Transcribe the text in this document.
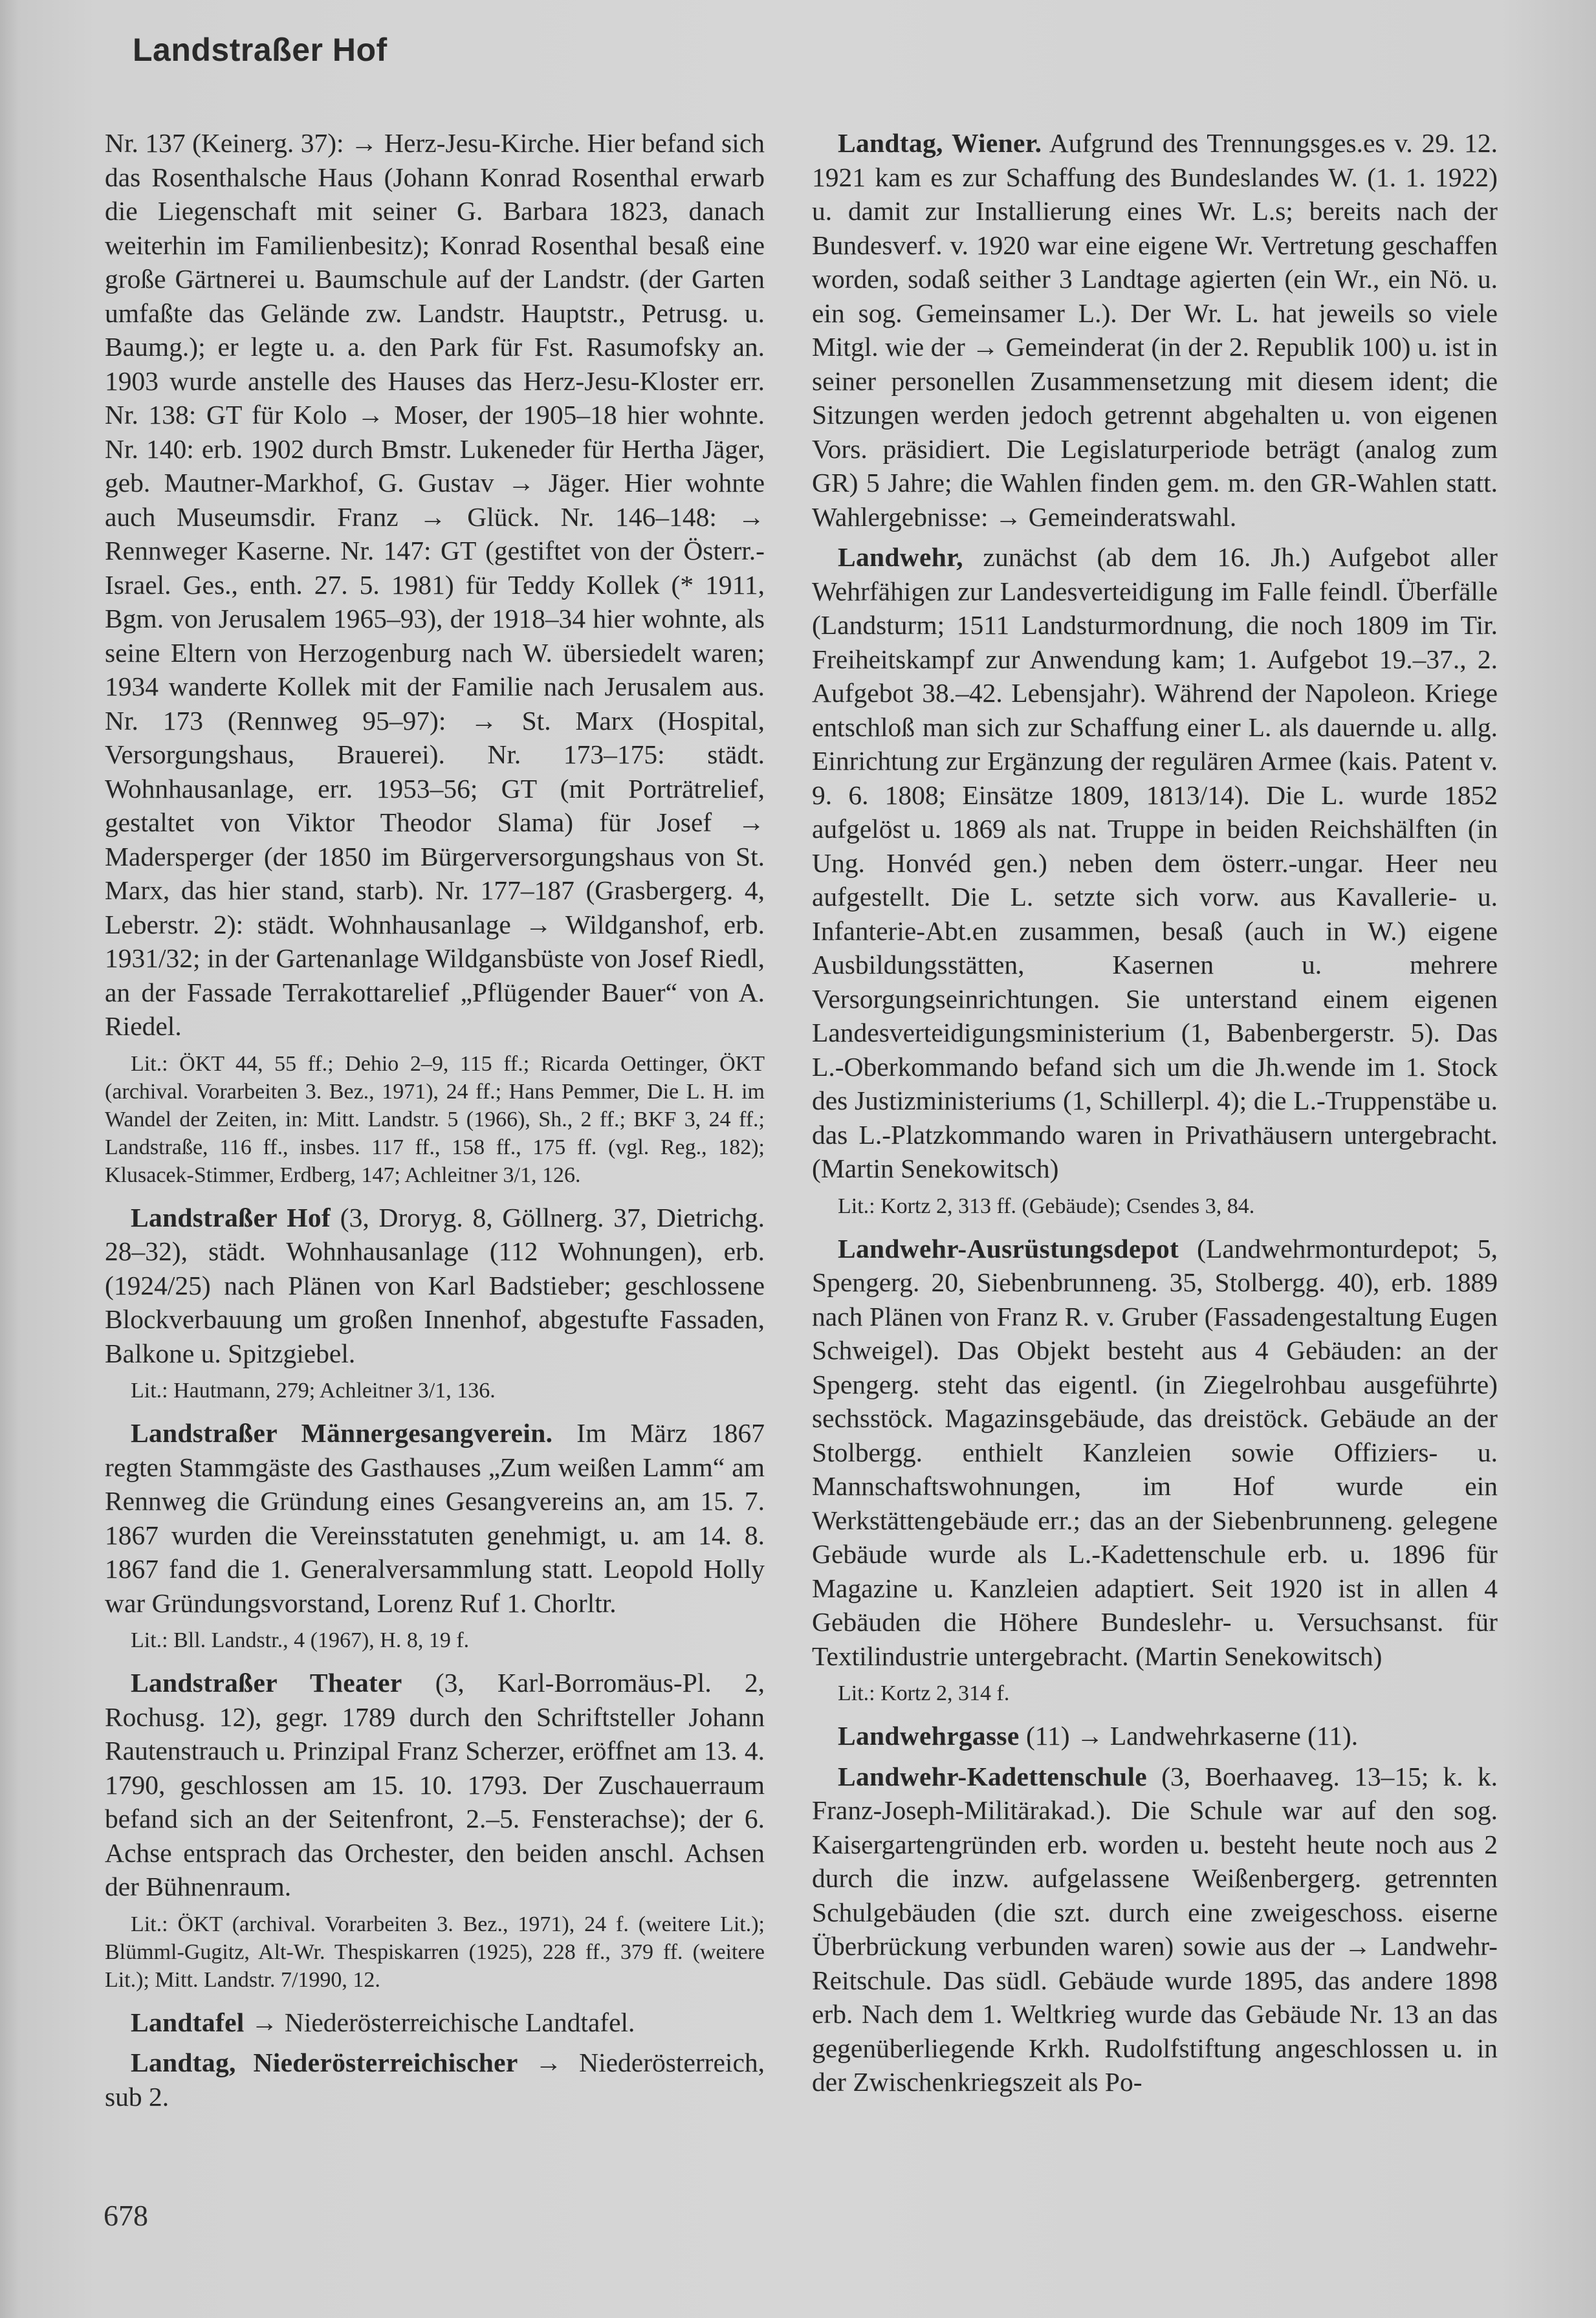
Landstraßer Hof

Nr. 137 (Keinerg. 37): → Herz-Jesu-Kirche. Hier befand sich das Rosenthalsche Haus (Johann Konrad Rosenthal erwarb die Liegenschaft mit seiner G. Barbara 1823, danach weiterhin im Familienbesitz); Konrad Rosenthal besaß eine große Gärtnerei u. Baumschule auf der Landstr. (der Garten umfaßte das Gelände zw. Landstr. Hauptstr., Petrusg. u. Baumg.); er legte u. a. den Park für Fst. Rasumofsky an. 1903 wurde anstelle des Hauses das Herz-Jesu-Kloster err. Nr. 138: GT für Kolo → Moser, der 1905–18 hier wohnte. Nr. 140: erb. 1902 durch Bmstr. Lukeneder für Hertha Jäger, geb. Mautner-Markhof, G. Gustav → Jäger. Hier wohnte auch Museumsdir. Franz → Glück. Nr. 146–148: → Rennweger Kaserne. Nr. 147: GT (gestiftet von der Österr.-Israel. Ges., enth. 27. 5. 1981) für Teddy Kollek (* 1911, Bgm. von Jerusalem 1965–93), der 1918–34 hier wohnte, als seine Eltern von Herzogenburg nach W. übersiedelt waren; 1934 wanderte Kollek mit der Familie nach Jerusalem aus. Nr. 173 (Rennweg 95–97): → St. Marx (Hospital, Versorgungshaus, Brauerei). Nr. 173–175: städt. Wohnhausanlage, err. 1953–56; GT (mit Porträtrelief, gestaltet von Viktor Theodor Slama) für Josef → Madersperger (der 1850 im Bürgerversorgungshaus von St. Marx, das hier stand, starb). Nr. 177–187 (Grasbergerg. 4, Leberstr. 2): städt. Wohnhausanlage → Wildganshof, erb. 1931/32; in der Gartenanlage Wildgansbüste von Josef Riedl, an der Fassade Terrakottarelief „Pflügender Bauer“ von A. Riedel.

Lit.: ÖKT 44, 55 ff.; Dehio 2–9, 115 ff.; Ricarda Oettinger, ÖKT (archival. Vorarbeiten 3. Bez., 1971), 24 ff.; Hans Pemmer, Die L. H. im Wandel der Zeiten, in: Mitt. Landstr. 5 (1966), Sh., 2 ff.; BKF 3, 24 ff.; Landstraße, 116 ff., insbes. 117 ff., 158 ff., 175 ff. (vgl. Reg., 182); Klusacek-Stimmer, Erdberg, 147; Achleitner 3/1, 126.

Landstraßer Hof (3, Droryg. 8, Göllnerg. 37, Dietrichg. 28–32), städt. Wohnhausanlage (112 Wohnungen), erb. (1924/25) nach Plänen von Karl Badstieber; geschlossene Blockverbauung um großen Innenhof, abgestufte Fassaden, Balkone u. Spitzgiebel.

Lit.: Hautmann, 279; Achleitner 3/1, 136.

Landstraßer Männergesangverein. Im März 1867 regten Stammgäste des Gasthauses „Zum weißen Lamm“ am Rennweg die Gründung eines Gesangvereins an, am 15. 7. 1867 wurden die Vereinsstatuten genehmigt, u. am 14. 8. 1867 fand die 1. Generalversammlung statt. Leopold Holly war Gründungsvorstand, Lorenz Ruf 1. Chorltr.

Lit.: Bll. Landstr., 4 (1967), H. 8, 19 f.

Landstraßer Theater (3, Karl-Borromäus-Pl. 2, Rochusg. 12), gegr. 1789 durch den Schriftsteller Johann Rautenstrauch u. Prinzipal Franz Scherzer, eröffnet am 13. 4. 1790, geschlossen am 15. 10. 1793. Der Zuschauerraum befand sich an der Seitenfront, 2.–5. Fensterachse); der 6. Achse entsprach das Orchester, den beiden anschl. Achsen der Bühnenraum.

Lit.: ÖKT (archival. Vorarbeiten 3. Bez., 1971), 24 f. (weitere Lit.); Blümml-Gugitz, Alt-Wr. Thespiskarren (1925), 228 ff., 379 ff. (weitere Lit.); Mitt. Landstr. 7/1990, 12.

Landtafel → Niederösterreichische Landtafel.

Landtag, Niederösterreichischer → Niederösterreich, sub 2.

Landtag, Wiener. Aufgrund des Trennungsges.es v. 29. 12. 1921 kam es zur Schaffung des Bundeslandes W. (1. 1. 1922) u. damit zur Installierung eines Wr. L.s; bereits nach der Bundesverf. v. 1920 war eine eigene Wr. Vertretung geschaffen worden, sodaß seither 3 Landtage agierten (ein Wr., ein Nö. u. ein sog. Gemeinsamer L.). Der Wr. L. hat jeweils so viele Mitgl. wie der → Gemeinderat (in der 2. Republik 100) u. ist in seiner personellen Zusammensetzung mit diesem ident; die Sitzungen werden jedoch getrennt abgehalten u. von eigenen Vors. präsidiert. Die Legislaturperiode beträgt (analog zum GR) 5 Jahre; die Wahlen finden gem. m. den GR-Wahlen statt. Wahlergebnisse: → Gemeinderatswahl.

Landwehr, zunächst (ab dem 16. Jh.) Aufgebot aller Wehrfähigen zur Landesverteidigung im Falle feindl. Überfälle (Landsturm; 1511 Landsturmordnung, die noch 1809 im Tir. Freiheitskampf zur Anwendung kam; 1. Aufgebot 19.–37., 2. Aufgebot 38.–42. Lebensjahr). Während der Napoleon. Kriege entschloß man sich zur Schaffung einer L. als dauernde u. allg. Einrichtung zur Ergänzung der regulären Armee (kais. Patent v. 9. 6. 1808; Einsätze 1809, 1813/14). Die L. wurde 1852 aufgelöst u. 1869 als nat. Truppe in beiden Reichshälften (in Ung. Honvéd gen.) neben dem österr.-ungar. Heer neu aufgestellt. Die L. setzte sich vorw. aus Kavallerie- u. Infanterie-Abt.en zusammen, besaß (auch in W.) eigene Ausbildungsstätten, Kasernen u. mehrere Versorgungseinrichtungen. Sie unterstand einem eigenen Landesverteidigungsministerium (1, Babenbergerstr. 5). Das L.-Oberkommando befand sich um die Jh.wende im 1. Stock des Justizministeriums (1, Schillerpl. 4); die L.-Truppenstäbe u. das L.-Platzkommando waren in Privathäusern untergebracht. (Martin Senekowitsch)

Lit.: Kortz 2, 313 ff. (Gebäude); Csendes 3, 84.

Landwehr-Ausrüstungsdepot (Landwehrmonturdepot; 5, Spengerg. 20, Siebenbrunneng. 35, Stolbergg. 40), erb. 1889 nach Plänen von Franz R. v. Gruber (Fassadengestaltung Eugen Schweigel). Das Objekt besteht aus 4 Gebäuden: an der Spengerg. steht das eigentl. (in Ziegelrohbau ausgeführte) sechsstöck. Magazinsgebäude, das dreistöck. Gebäude an der Stolbergg. enthielt Kanzleien sowie Offiziers- u. Mannschaftswohnungen, im Hof wurde ein Werkstättengebäude err.; das an der Siebenbrunneng. gelegene Gebäude wurde als L.-Kadettenschule erb. u. 1896 für Magazine u. Kanzleien adaptiert. Seit 1920 ist in allen 4 Gebäuden die Höhere Bundeslehr- u. Versuchsanst. für Textilindustrie untergebracht. (Martin Senekowitsch)

Lit.: Kortz 2, 314 f.

Landwehrgasse (11) → Landwehrkaserne (11).

Landwehr-Kadettenschule (3, Boerhaaveg. 13–15; k. k. Franz-Joseph-Militärakad.). Die Schule war auf den sog. Kaisergartengründen erb. worden u. besteht heute noch aus 2 durch die inzw. aufgelassene Weißenbergerg. getrennten Schulgebäuden (die szt. durch eine zweigeschoss. eiserne Überbrückung verbunden waren) sowie aus der → Landwehr-Reitschule. Das südl. Gebäude wurde 1895, das andere 1898 erb. Nach dem 1. Weltkrieg wurde das Gebäude Nr. 13 an das gegenüberliegende Krkh. Rudolfstiftung angeschlossen u. in der Zwischenkriegszeit als Po-

678
